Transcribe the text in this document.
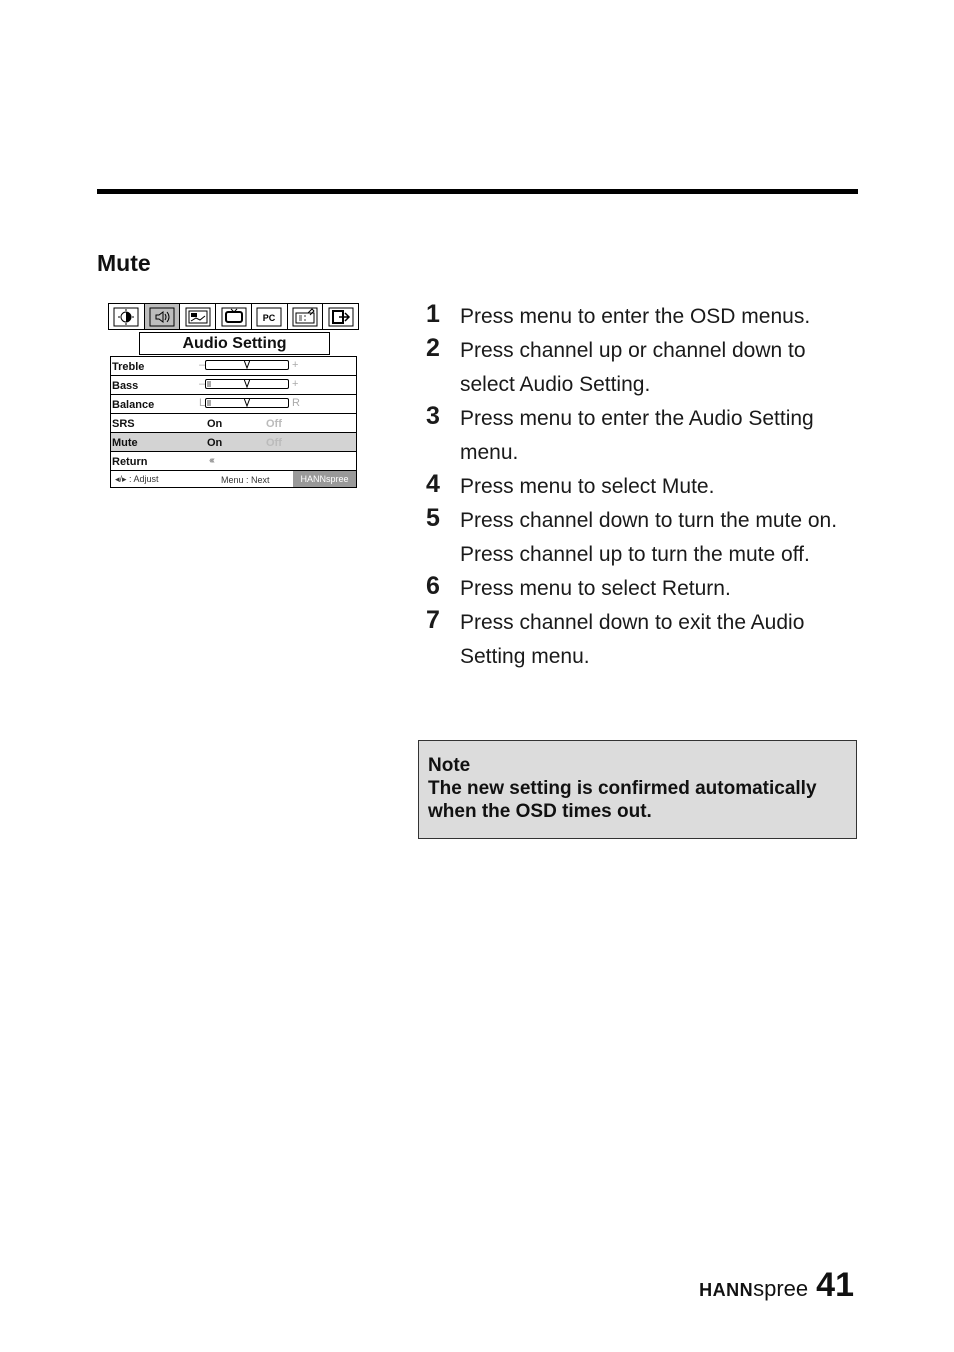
Mute
PC
Audio Setting
Treble	–	+
Bass	–	+
Balance	L	R
SRS	On	Off
Mute	On	Off
Return	‹‹‹
◂/▸ : Adjust	Menu : Next	HANNspree
1 Press menu to enter the OSD menus.
2 Press channel up or channel down to select Audio Setting.
3 Press menu to enter the Audio Setting menu.
4 Press menu to select Mute.
5 Press channel down to turn the mute on. Press channel up to turn the mute off.
6 Press menu to select Return.
7 Press channel down to exit the Audio Setting menu.

Note

The new setting is confirmed automatically when the OSD times out.

HANN spree 41
